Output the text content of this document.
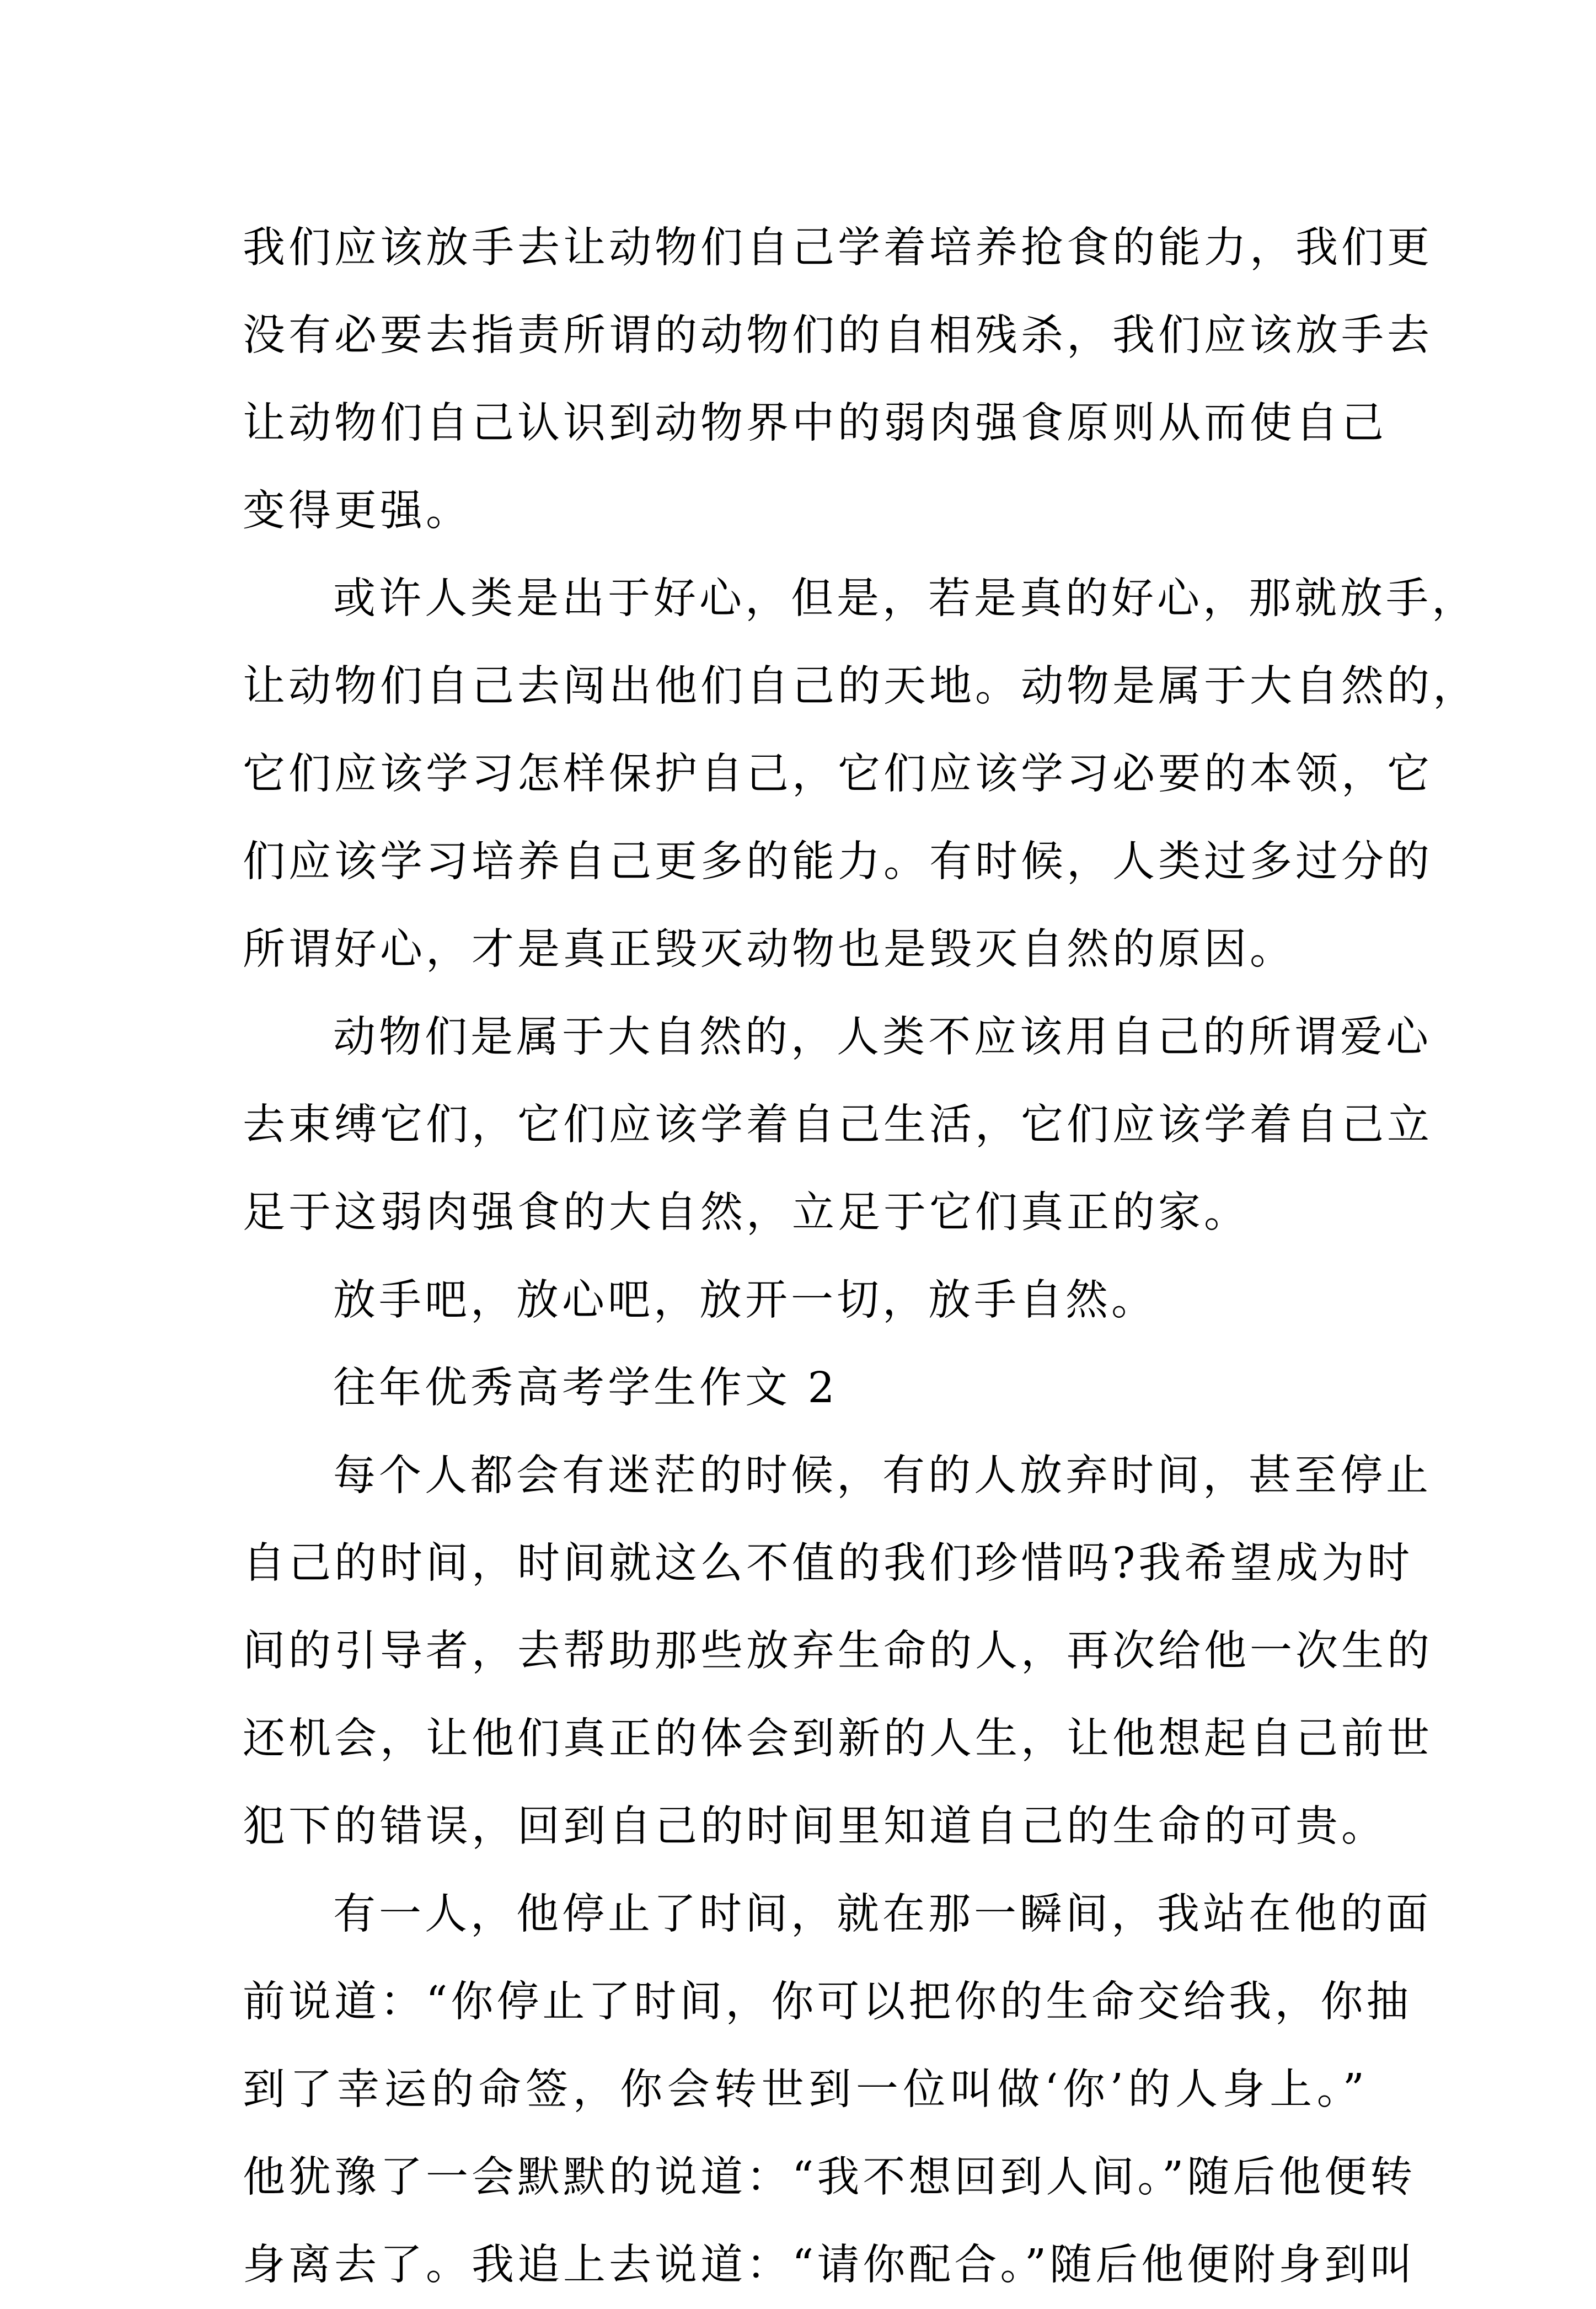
我们应该放手去让动物们自己学着培养抢食的能力，我们更
没有必要去指责所谓的动物们的自相残杀，我们应该放手去
让动物们自己认识到动物界中的弱肉强食原则从而使自己
变得更强。
或许人类是出于好心，但是，若是真的好心，那就放手，
让动物们自己去闯出他们自己的天地。动物是属于大自然的，
它们应该学习怎样保护自己，它们应该学习必要的本领，它
们应该学习培养自己更多的能力。有时候，人类过多过分的
所谓好心，才是真正毁灭动物也是毁灭自然的原因。
动物们是属于大自然的，人类不应该用自己的所谓爱心
去束缚它们，它们应该学着自己生活，它们应该学着自己立
足于这弱肉强食的大自然，立足于它们真正的家。
放手吧，放心吧，放开一切，放手自然。
往年优秀高考学生作文 2
每个人都会有迷茫的时候，有的人放弃时间，甚至停止
自己的时间，时间就这么不值的我们珍惜吗?我希望成为时
间的引导者，去帮助那些放弃生命的人，再次给他一次生的
还机会，让他们真正的体会到新的人生，让他想起自己前世
犯下的错误，回到自己的时间里知道自己的生命的可贵。
有一人，他停止了时间，就在那一瞬间，我站在他的面
前说道：“你停止了时间，你可以把你的生命交给我，你抽
到了幸运的命签，你会转世到一位叫做‘你’的人身上。”
他犹豫了一会默默的说道：“我不想回到人间。”随后他便转
身离去了。我追上去说道：“请你配合。”随后他便附身到叫
